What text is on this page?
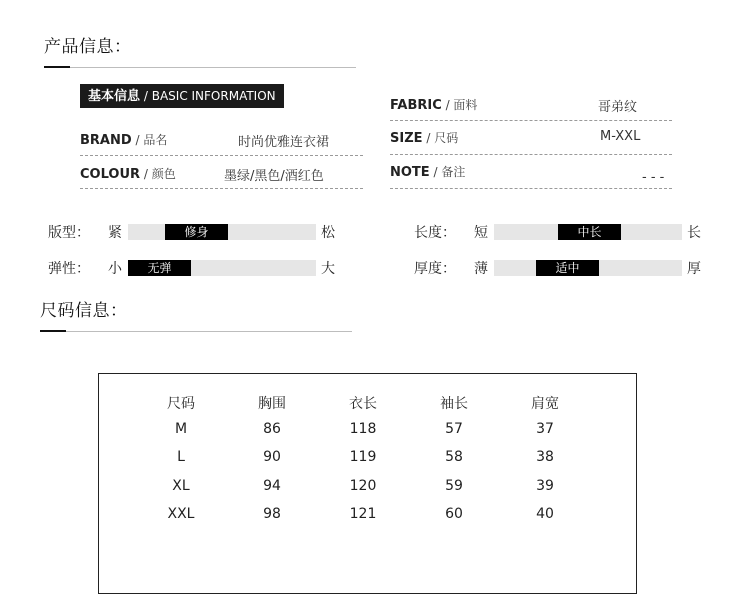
产品信息：
基本信息 / BASIC INFORMATION
BRAND / 品名	时尚优雅连衣裙
COLOUR / 颜色	墨绿/黑色/酒红色
FABRIC / 面料	哥弟纹
SIZE / 尺码	M-XXL
NOTE / 备注	- - -
版型： 紧	修身	松	长度： 短	中长	长
弹性： 小	无弹	大	厚度： 薄	适中	厚
尺码信息：
尺码	胸围	衣长	袖长	肩宽
M	86	118	57	37
L	90	119	58	38
XL	94	120	59	39
XXL	98	121	60	40
